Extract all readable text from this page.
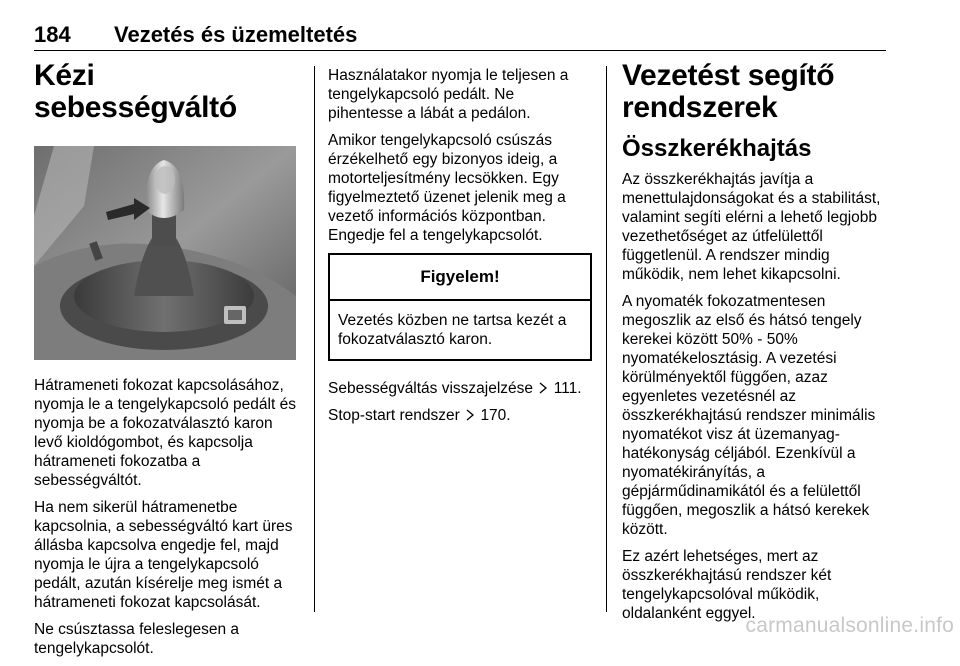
184 Vezetés és üzemeltetés
Kézi sebességváltó

Hátrameneti fokozat kapcsolásához, nyomja le a tengelykapcsoló pedált és nyomja be a fokozatválasztó karon levő kioldógombot, és kapcsolja hátrameneti fokozatba a sebességváltót.

Ha nem sikerül hátramenetbe kapcsolnia, a sebességváltó kart üres állásba kapcsolva engedje fel, majd nyomja le újra a tengelykapcsoló pedált, azután kísérelje meg ismét a hátrameneti fokozat kapcsolását.

Ne csúsztassa feleslegesen a tengelykapcsolót.

Használatakor nyomja le teljesen a tengelykapcsoló pedált. Ne pihentesse a lábát a pedálon.

Amikor tengelykapcsoló csúszás érzékelhető egy bizonyos ideig, a motorteljesítmény lecsökken. Egy figyelmeztető üzenet jelenik meg a vezető információs központban. Engedje fel a tengelykapcsolót.

Figyelem!
Vezetés közben ne tartsa kezét a fokozatválasztó karon.
Sebességváltás visszajelzése 111.
Stop-start rendszer 170.
Vezetést segítő rendszerek
Összkerékhajtás

Az összkerékhajtás javítja a menettulajdonságokat és a stabilitást, valamint segíti elérni a lehető legjobb vezethetőséget az útfelülettől függetlenül. A rendszer mindig működik, nem lehet kikapcsolni.

A nyomaték fokozatmentesen megoszlik az első és hátsó tengely kerekei között 50% - 50% nyomatékelosztásig. A vezetési körülményektől függően, azaz egyenletes vezetésnél az összkerékhajtású rendszer minimális nyomatékot visz át üzemanyag-hatékonyság céljából. Ezenkívül a nyomatékirányítás, a gépjárműdinamikától és a felülettől függően, megoszlik a hátsó kerekek között.

Ez azért lehetséges, mert az összkerékhajtású rendszer két tengelykapcsolóval működik, oldalanként eggyel.

carmanualsonline.info
